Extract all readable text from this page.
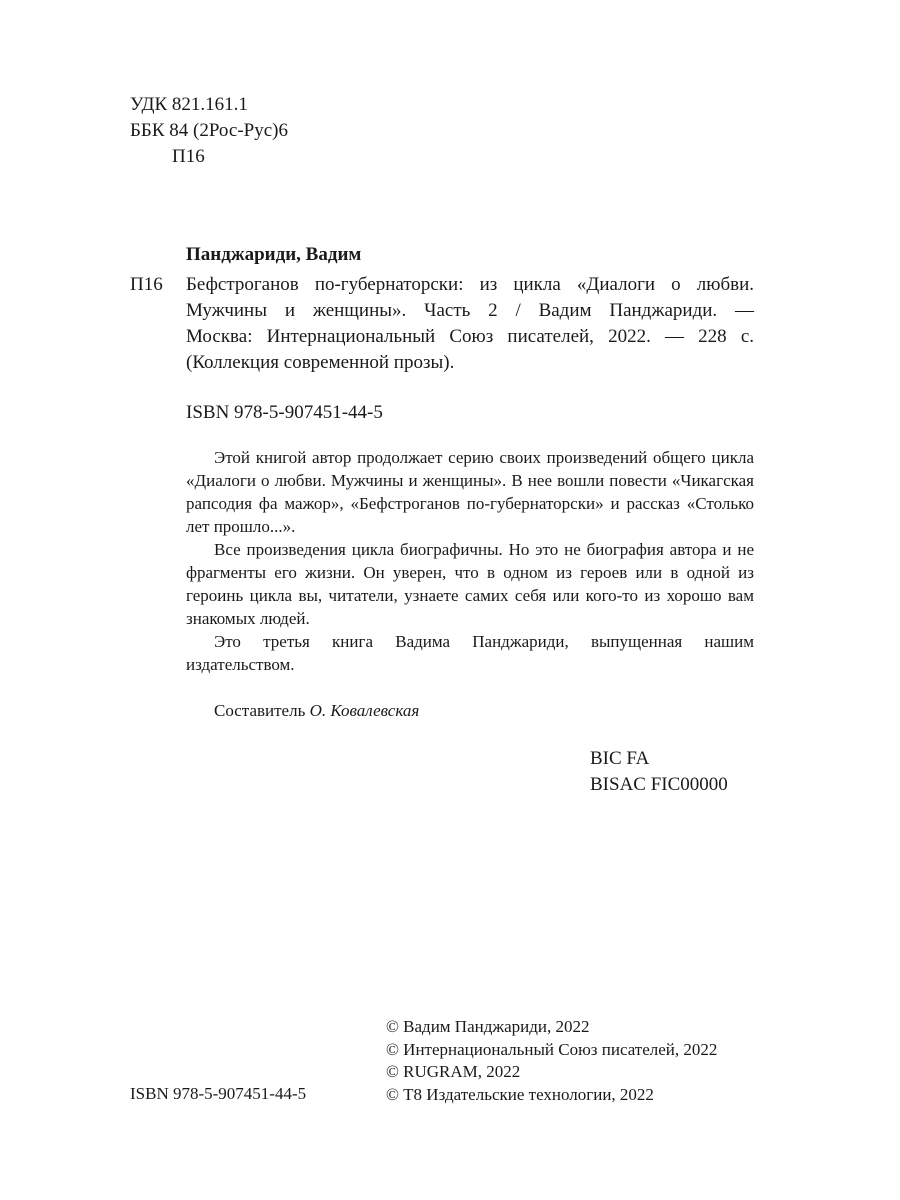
УДК 821.161.1
ББК 84 (2Рос-Рус)6
П16
Панджариди, Вадим
П16 Бефстроганов по-губернаторски: из цикла «Диалоги о любви.

Мужчины и женщины». Часть 2 / Вадим Панджариди. —

Москва: Интернациональный Союз писателей, 2022. — 228 с.

(Коллекция современной прозы).

ISBN 978-5-907451-44-5

Этой книгой автор продолжает серию своих произведений общего цикла «Диалоги о любви. Мужчины и женщины». В нее вошли повести «Чикагская рапсодия фа мажор», «Бефстроганов по-губернаторски» и рассказ «Столько лет прошло...».

Все произведения цикла биографичны. Но это не биография автора и не фрагменты его жизни. Он уверен, что в одном из героев или в одной из героинь цикла вы, читатели, узнаете самих себя или кого-то из хорошо вам знакомых людей.

Это третья книга Вадима Панджариди, выпущенная нашим издательством.

Составитель О. Ковалевская
BIC FA
BISAC FIC00000
ISBN 978-5-907451-44-5
© Вадим Панджариди, 2022
© Интернациональный Союз писателей, 2022
© RUGRAM, 2022
© Т8 Издательские технологии, 2022
